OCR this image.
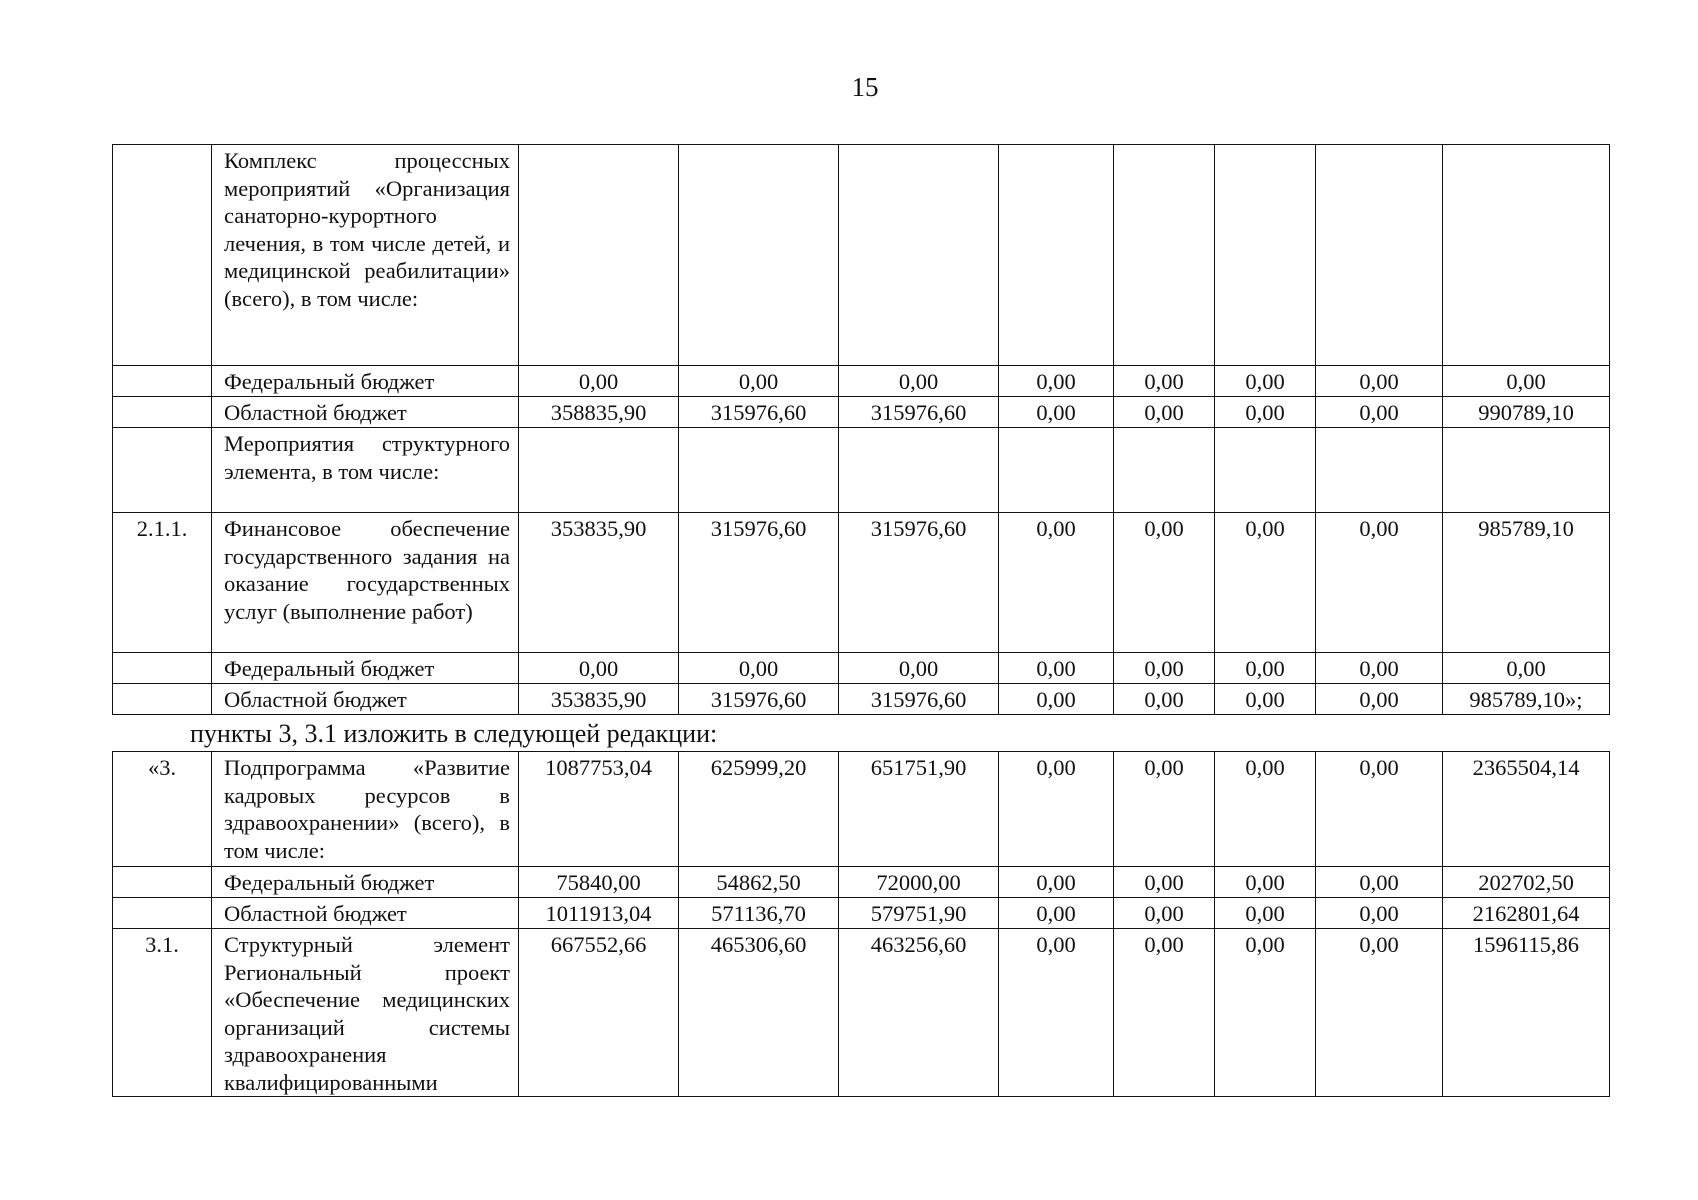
15
	Комплекс процессных мероприятий «Организация санаторно-курортного лечения, в том числе детей, и медицинской реабилитации» (всего), в том числе:								
	Федеральный бюджет	0,00	0,00	0,00	0,00	0,00	0,00	0,00	0,00
	Областной бюджет	358835,90	315976,60	315976,60	0,00	0,00	0,00	0,00	990789,10
	Мероприятия структурного элемента, в том числе:								
2.1.1.	Финансовое обеспечение государственного задания на оказание государственных услуг (выполнение работ)	353835,90	315976,60	315976,60	0,00	0,00	0,00	0,00	985789,10
	Федеральный бюджет	0,00	0,00	0,00	0,00	0,00	0,00	0,00	0,00
	Областной бюджет	353835,90	315976,60	315976,60	0,00	0,00	0,00	0,00	985789,10»;
пункты 3, 3.1 изложить в следующей редакции:
«3.	Подпрограмма «Развитие кадровых ресурсов в здравоохранении» (всего), в том числе:	1087753,04	625999,20	651751,90	0,00	0,00	0,00	0,00	2365504,14
	Федеральный бюджет	75840,00	54862,50	72000,00	0,00	0,00	0,00	0,00	202702,50
	Областной бюджет	1011913,04	571136,70	579751,90	0,00	0,00	0,00	0,00	2162801,64
3.1.	Структурный элемент Региональный проект «Обеспечение медицинских организаций системы здравоохранения квалифицированными	667552,66	465306,60	463256,60	0,00	0,00	0,00	0,00	1596115,86
